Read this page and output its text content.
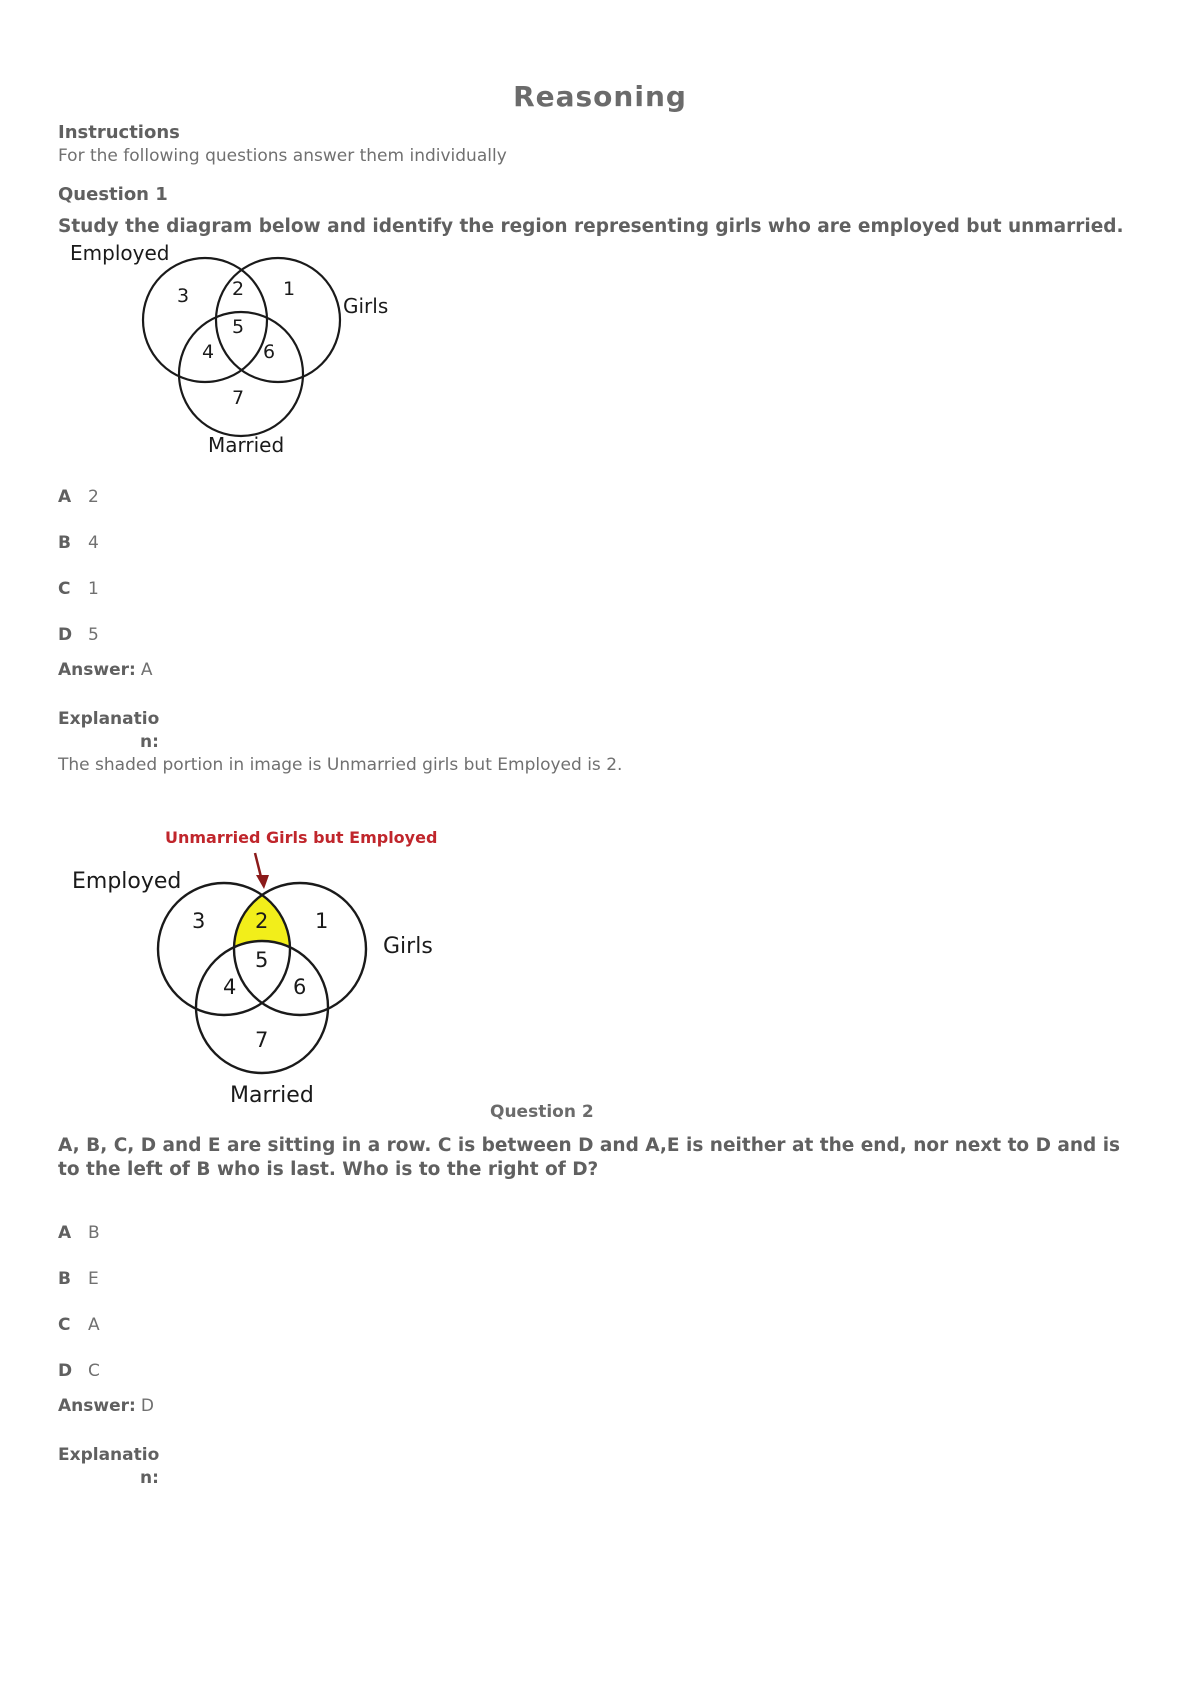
Reasoning
Instructions
For the following questions answer them individually
Question 1
Study the diagram below and identify the region representing girls who are employed but unmarried.
Employed
Girls
Married
3 2 1
5
4	6
7
A 2
B 4
C 1
D 5
Answer: A
Explanatio
n:
The shaded portion in image is Unmarried girls but Employed is 2.
Unmarried Girls but Employed
Employed
Girls
Married
3 2 1
5
4	6
7
Question 2
A, B, C, D and E are sitting in a row. C is between D and A,E is neither at the end, nor next to D and is to the left of B who is last. Who is to the right of D?
A B
B E
C A
D C
Answer: D
Explanatio
n:
